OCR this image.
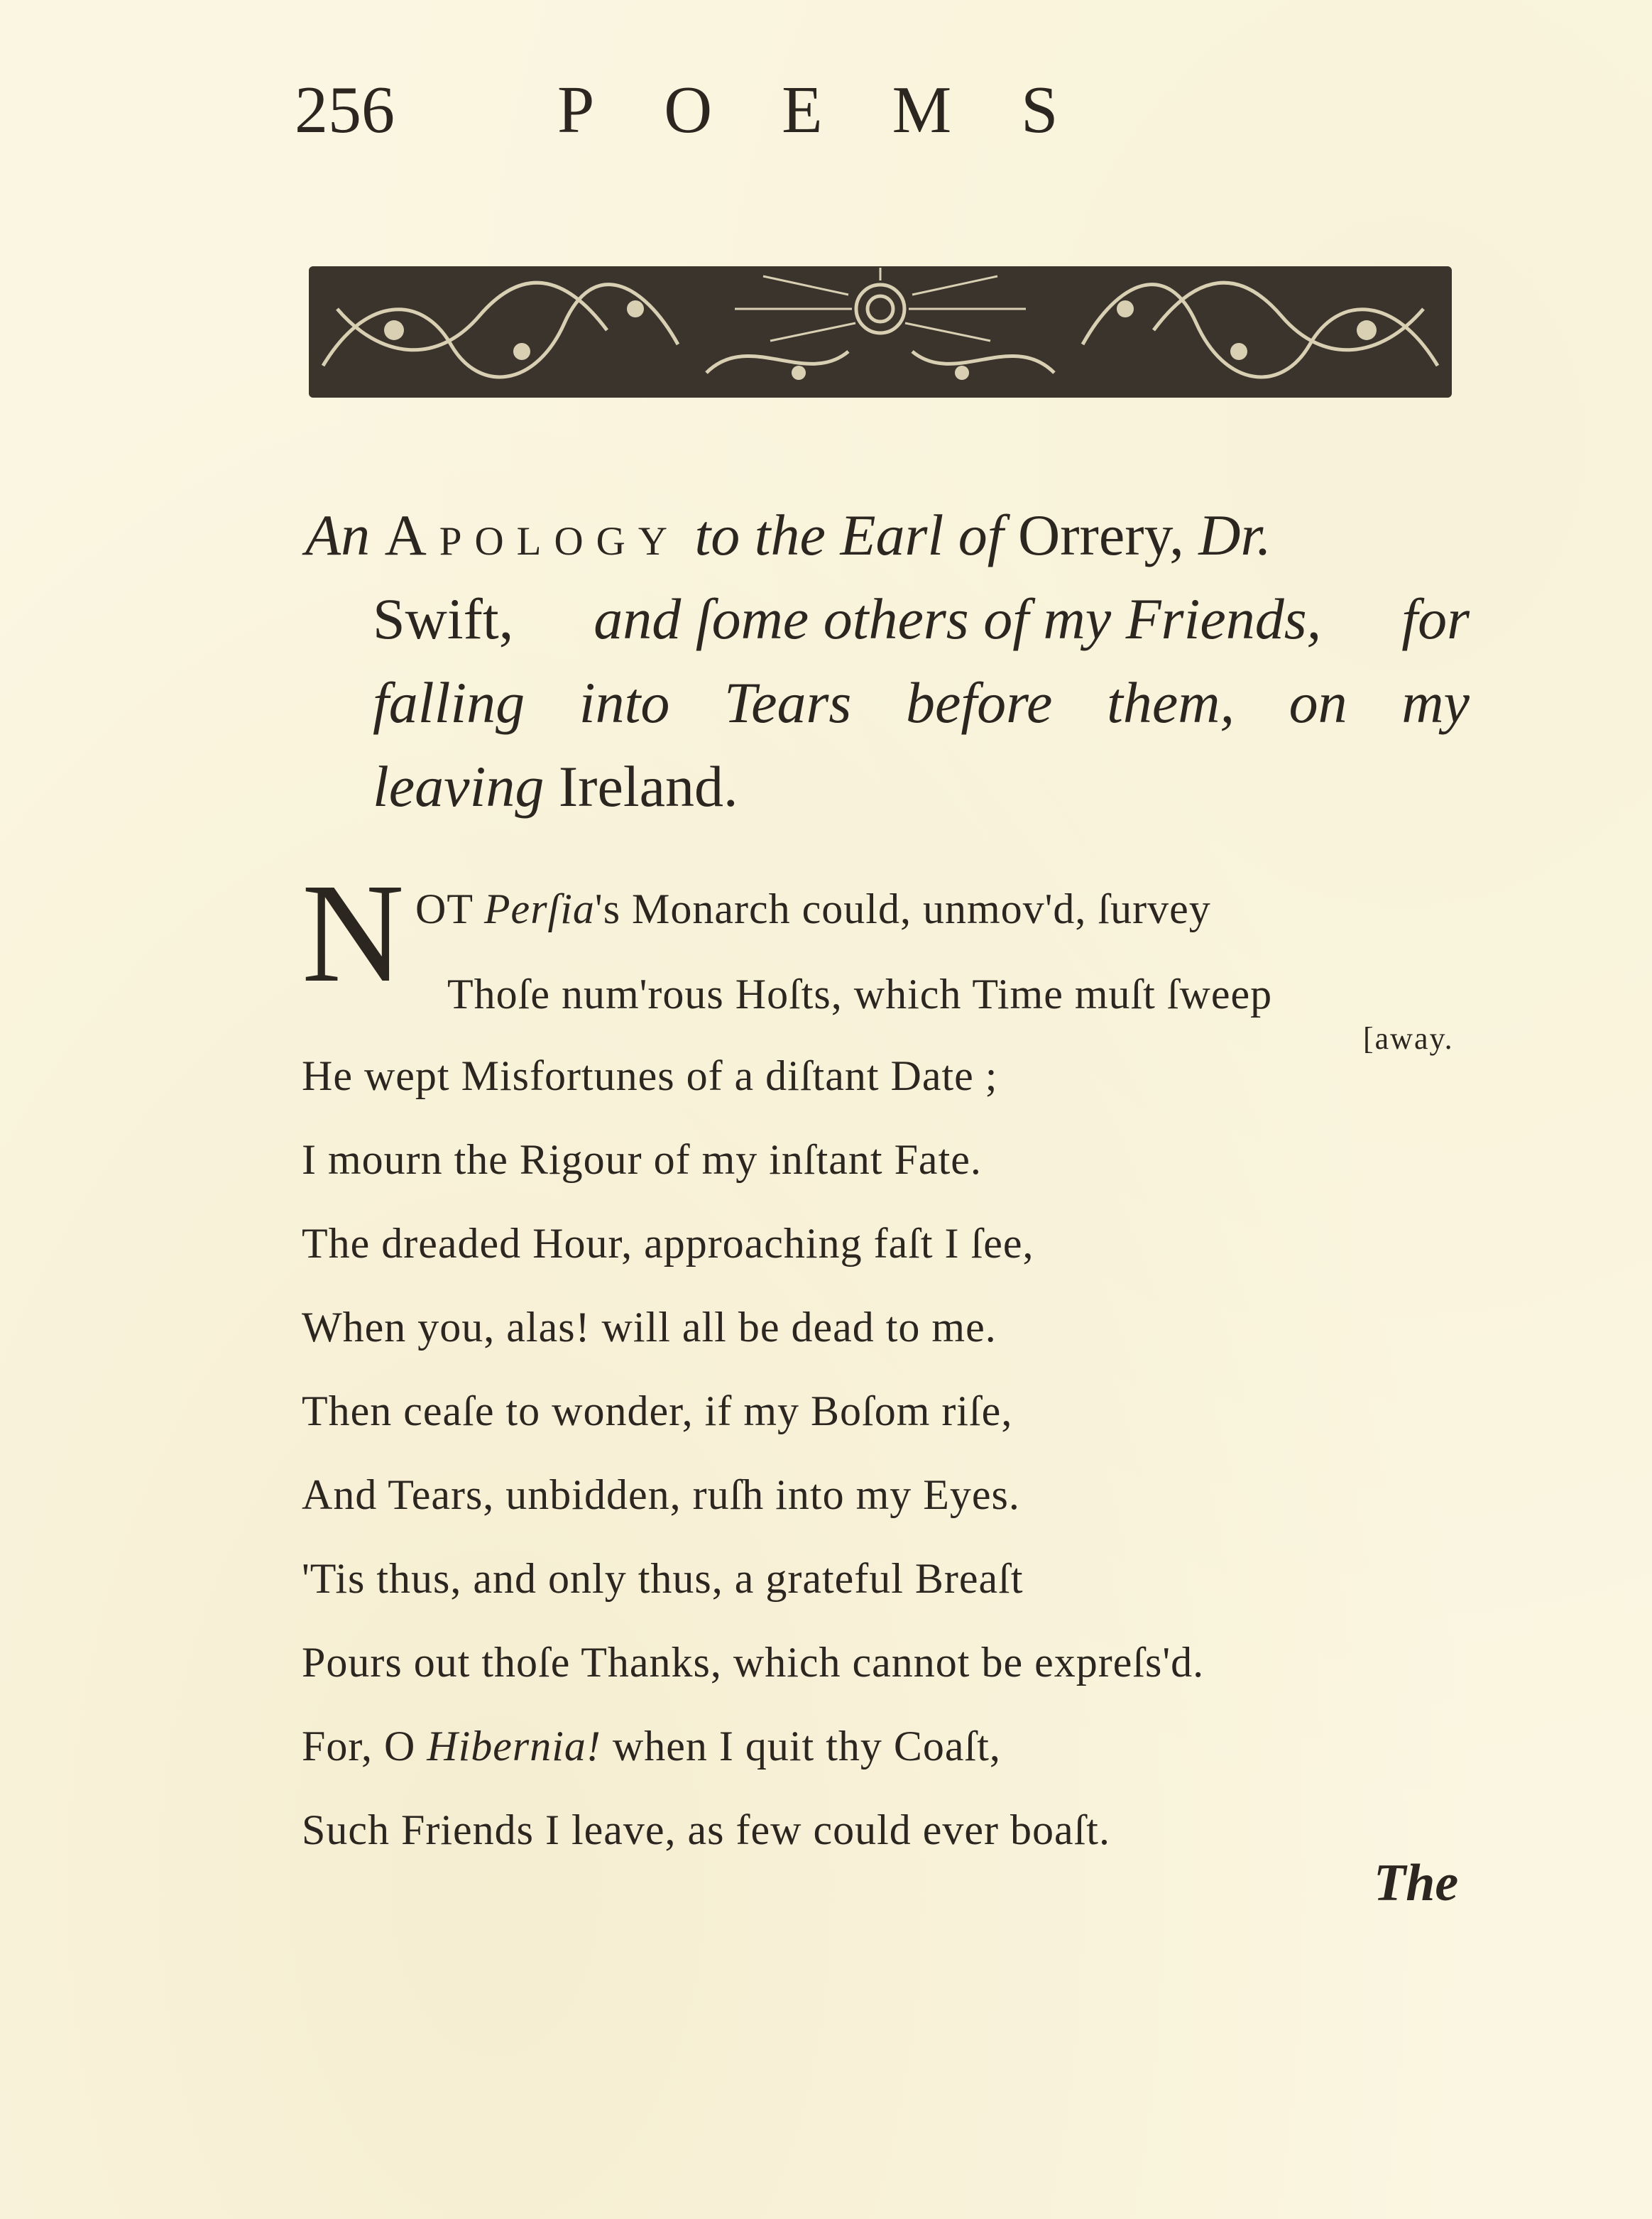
256 POEMS
An Apology to the Earl of Orrery, Dr.
Swift, and ſome others of my Friends, for
falling into Tears before them, on my
leaving Ireland.
N OT Perſia's Monarch could, unmov'd, ſurvey
Thoſe num'rous Hoſts, which Time muſt ſweep
[away.
He wept Misfortunes of a diſtant Date ;
I mourn the Rigour of my inſtant Fate.
The dreaded Hour, approaching faſt I ſee,
When you, alas! will all be dead to me.
Then ceaſe to wonder, if my Boſom riſe,
And Tears, unbidden, ruſh into my Eyes.
'Tis thus, and only thus, a grateful Breaſt
Pours out thoſe Thanks, which cannot be expreſs'd.
For, O Hibernia! when I quit thy Coaſt,
Such Friends I leave, as few could ever boaſt.
The
